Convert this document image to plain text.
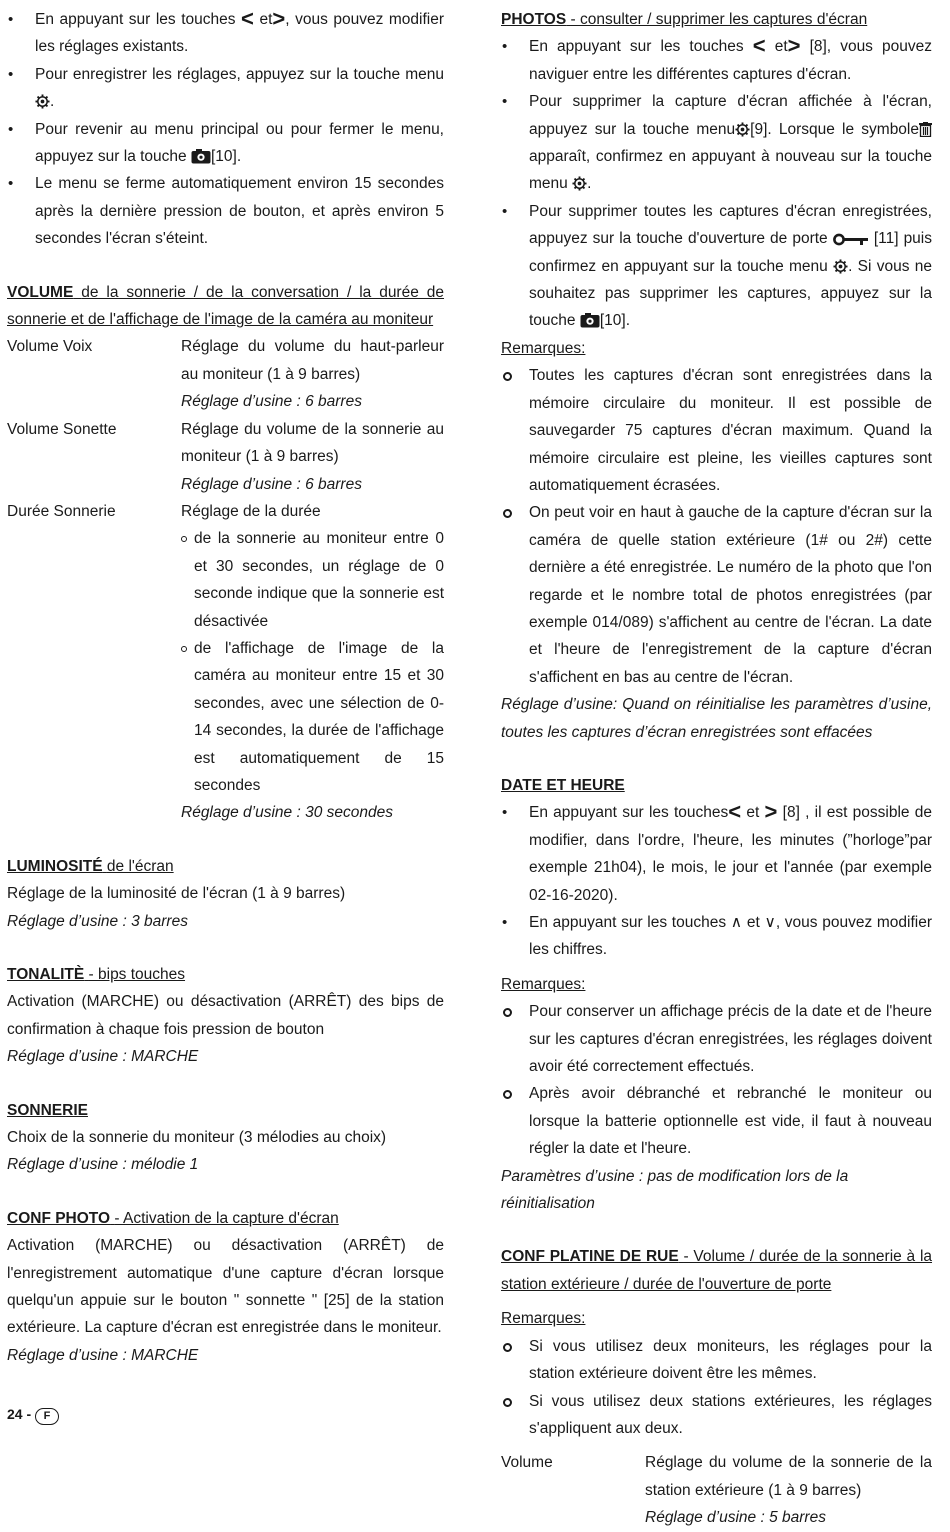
• En appuyant sur les touches < et>, vous pouvez modifier les réglages existants.
• Pour enregistrer les réglages, appuyez sur la touche menu .
• Pour revenir au menu principal ou pour fermer le menu, appuyez sur la touche [10].
• Le menu se ferme automatiquement environ 15 secondes après la dernière pression de bouton, et après environ 5 secondes l'écran s'éteint.

VOLUME de la sonnerie / de la conversation / la durée de sonnerie et de l'affichage de l'image de la caméra au moniteur

Volume Voix	Réglage du volume du haut-parleur au moniteur (1 à 9 barres)
Réglage d’usine : 6 barres
Volume Sonette	Réglage du volume de la sonnerie au moniteur (1 à 9 barres)
Réglage d’usine : 6 barres
Durée Sonnerie	Réglage de la durée
de la sonnerie au moniteur entre 0 et 30 secondes, un réglage de 0 seconde indique que la sonnerie est désactivée
de l'affichage de l'image de la caméra au moniteur entre 15 et 30 secondes, avec une sélection de 0-14 secondes, la durée de l'affichage est automatiquement de 15 secondes
Réglage d’usine : 30 secondes

LUMINOSITÉ de l'écran

Réglage de la luminosité de l'écran (1 à 9 barres)

Réglage d’usine : 3 barres

TONALITÈ - bips touches

Activation (MARCHE) ou désactivation (ARRÊT) des bips de confirmation à chaque fois pression de bouton

Réglage d’usine : MARCHE

SONNERIE

Choix de la sonnerie du moniteur (3 mélodies au choix)

Réglage d’usine : mélodie 1

CONF PHOTO - Activation de la capture d'écran

Activation (MARCHE) ou désactivation (ARRÊT) de l'enregistrement automatique d'une capture d'écran lorsque quelqu'un appuie sur le bouton " sonnette " [25] de la station extérieure. La capture d'écran est enregistrée dans le moniteur.

Réglage d’usine : MARCHE

PHOTOS - consulter / supprimer les captures d'écran

• En appuyant sur les touches < et> [8], vous pouvez naviguer entre les différentes captures d'écran.
• Pour supprimer la capture d'écran affichée à l'écran, appuyez sur la touche menu [9]. Lorsque le symboleapparaît, confirmez en appuyant à nouveau sur la touche menu .
• Pour supprimer toutes les captures d'écran enregistrées, appuyez sur la touche d'ouverture de porte	[11] puis confirmez en appuyant sur la touche menu . Si vous ne souhaitez pas supprimer les captures, appuyez sur la touche [10].

Remarques:

Toutes les captures d'écran sont enregistrées dans la mémoire circulaire du moniteur. Il est possible de sauvegarder 75 captures d'écran maximum. Quand la mémoire circulaire est pleine, les vieilles captures sont automatiquement écrasées.
On peut voir en haut à gauche de la capture d'écran sur la caméra de quelle station extérieure (1# ou 2#) cette dernière a été enregistrée. Le numéro de la photo que l'on regarde et le nombre total de photos enregistrées (par exemple 014/089) s'affichent au centre de l'écran. La date et l'heure de l'enregistrement de la capture d'écran s'affichent en bas au centre de l'écran.

Réglage d’usine: Quand on réinitialise les paramètres d’usine, toutes les captures d’écran enregistrées sont effacées

DATE ET HEURE

• En appuyant sur les touches< et > [8] , il est possible de modifier, dans l'ordre, l'heure, les minutes (”horloge”par exemple 21h04), le mois, le jour et l'année (par exemple 02-16-2020).
• En appuyant sur les touches ∧ et ∨, vous pouvez modifier les chiffres.

Remarques:

Pour conserver un affichage précis de la date et de l'heure sur les captures d'écran enregistrées, les réglages doivent avoir été correctement effectués.
Après avoir débranché et rebranché le moniteur ou lorsque la batterie optionnelle est vide, il faut à nouveau régler la date et l'heure.

Paramètres d’usine : pas de modification lors de la réinitialisation

CONF PLATINE DE RUE - Volume / durée de la sonnerie à la station extérieure / durée de l'ouverture de porte

Remarques:

Si vous utilisez deux moniteurs, les réglages pour la station extérieure doivent être les mêmes.
Si vous utilisez deux stations extérieures, les réglages s'appliquent aux deux.
Volume	Réglage du volume de la sonnerie de la station extérieure (1 à 9 barres)
Réglage d’usine : 5 barres
24 - F
